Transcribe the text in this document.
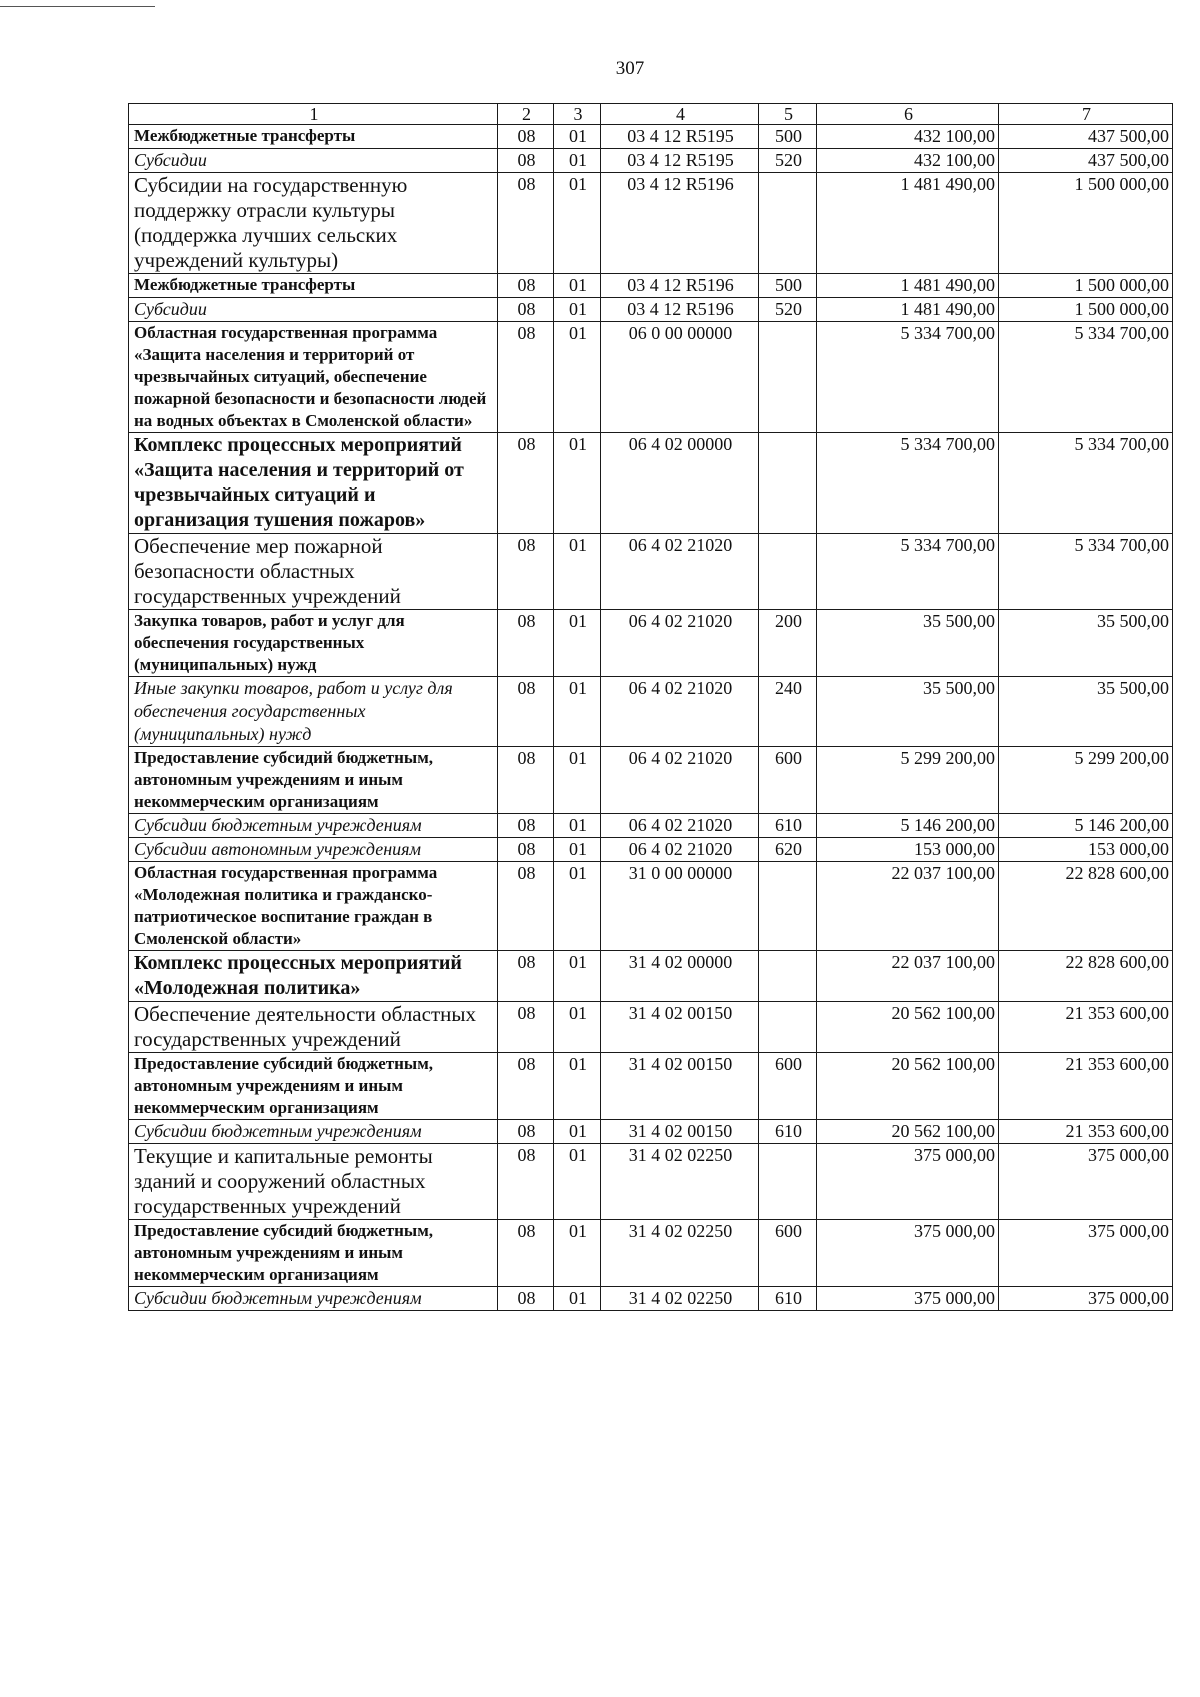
307
1	2	3	4	5	6	7
Межбюджетные трансферты	08	01	03 4 12 R5195	500	432 100,00	437 500,00
Субсидии	08	01	03 4 12 R5195	520	432 100,00	437 500,00
Субсидии на государственную поддержку отрасли культуры (поддержка лучших сельских учреждений культуры)	08	01	03 4 12 R5196		1 481 490,00	1 500 000,00
Межбюджетные трансферты	08	01	03 4 12 R5196	500	1 481 490,00	1 500 000,00
Субсидии	08	01	03 4 12 R5196	520	1 481 490,00	1 500 000,00
Областная государственная программа «Защита населения и территорий от чрезвычайных ситуаций, обеспечение пожарной безопасности и безопасности людей на водных объектах в Смоленской области»	08	01	06 0 00 00000		5 334 700,00	5 334 700,00
Комплекс процессных мероприятий «Защита населения и территорий от чрезвычайных ситуаций и организация тушения пожаров»	08	01	06 4 02 00000		5 334 700,00	5 334 700,00
Обеспечение мер пожарной безопасности областных государственных учреждений	08	01	06 4 02 21020		5 334 700,00	5 334 700,00
Закупка товаров, работ и услуг для обеспечения государственных (муниципальных) нужд	08	01	06 4 02 21020	200	35 500,00	35 500,00
Иные закупки товаров, работ и услуг для обеспечения государственных (муниципальных) нужд	08	01	06 4 02 21020	240	35 500,00	35 500,00
Предоставление субсидий бюджетным, автономным учреждениям и иным некоммерческим организациям	08	01	06 4 02 21020	600	5 299 200,00	5 299 200,00
Субсидии бюджетным учреждениям	08	01	06 4 02 21020	610	5 146 200,00	5 146 200,00
Субсидии автономным учреждениям	08	01	06 4 02 21020	620	153 000,00	153 000,00
Областная государственная программа «Молодежная политика и гражданско-патриотическое воспитание граждан в Смоленской области»	08	01	31 0 00 00000		22 037 100,00	22 828 600,00
Комплекс процессных мероприятий «Молодежная политика»	08	01	31 4 02 00000		22 037 100,00	22 828 600,00
Обеспечение деятельности областных государственных учреждений	08	01	31 4 02 00150		20 562 100,00	21 353 600,00
Предоставление субсидий бюджетным, автономным учреждениям и иным некоммерческим организациям	08	01	31 4 02 00150	600	20 562 100,00	21 353 600,00
Субсидии бюджетным учреждениям	08	01	31 4 02 00150	610	20 562 100,00	21 353 600,00
Текущие и капитальные ремонты зданий и сооружений областных государственных учреждений	08	01	31 4 02 02250		375 000,00	375 000,00
Предоставление субсидий бюджетным, автономным учреждениям и иным некоммерческим организациям	08	01	31 4 02 02250	600	375 000,00	375 000,00
Субсидии бюджетным учреждениям	08	01	31 4 02 02250	610	375 000,00	375 000,00
